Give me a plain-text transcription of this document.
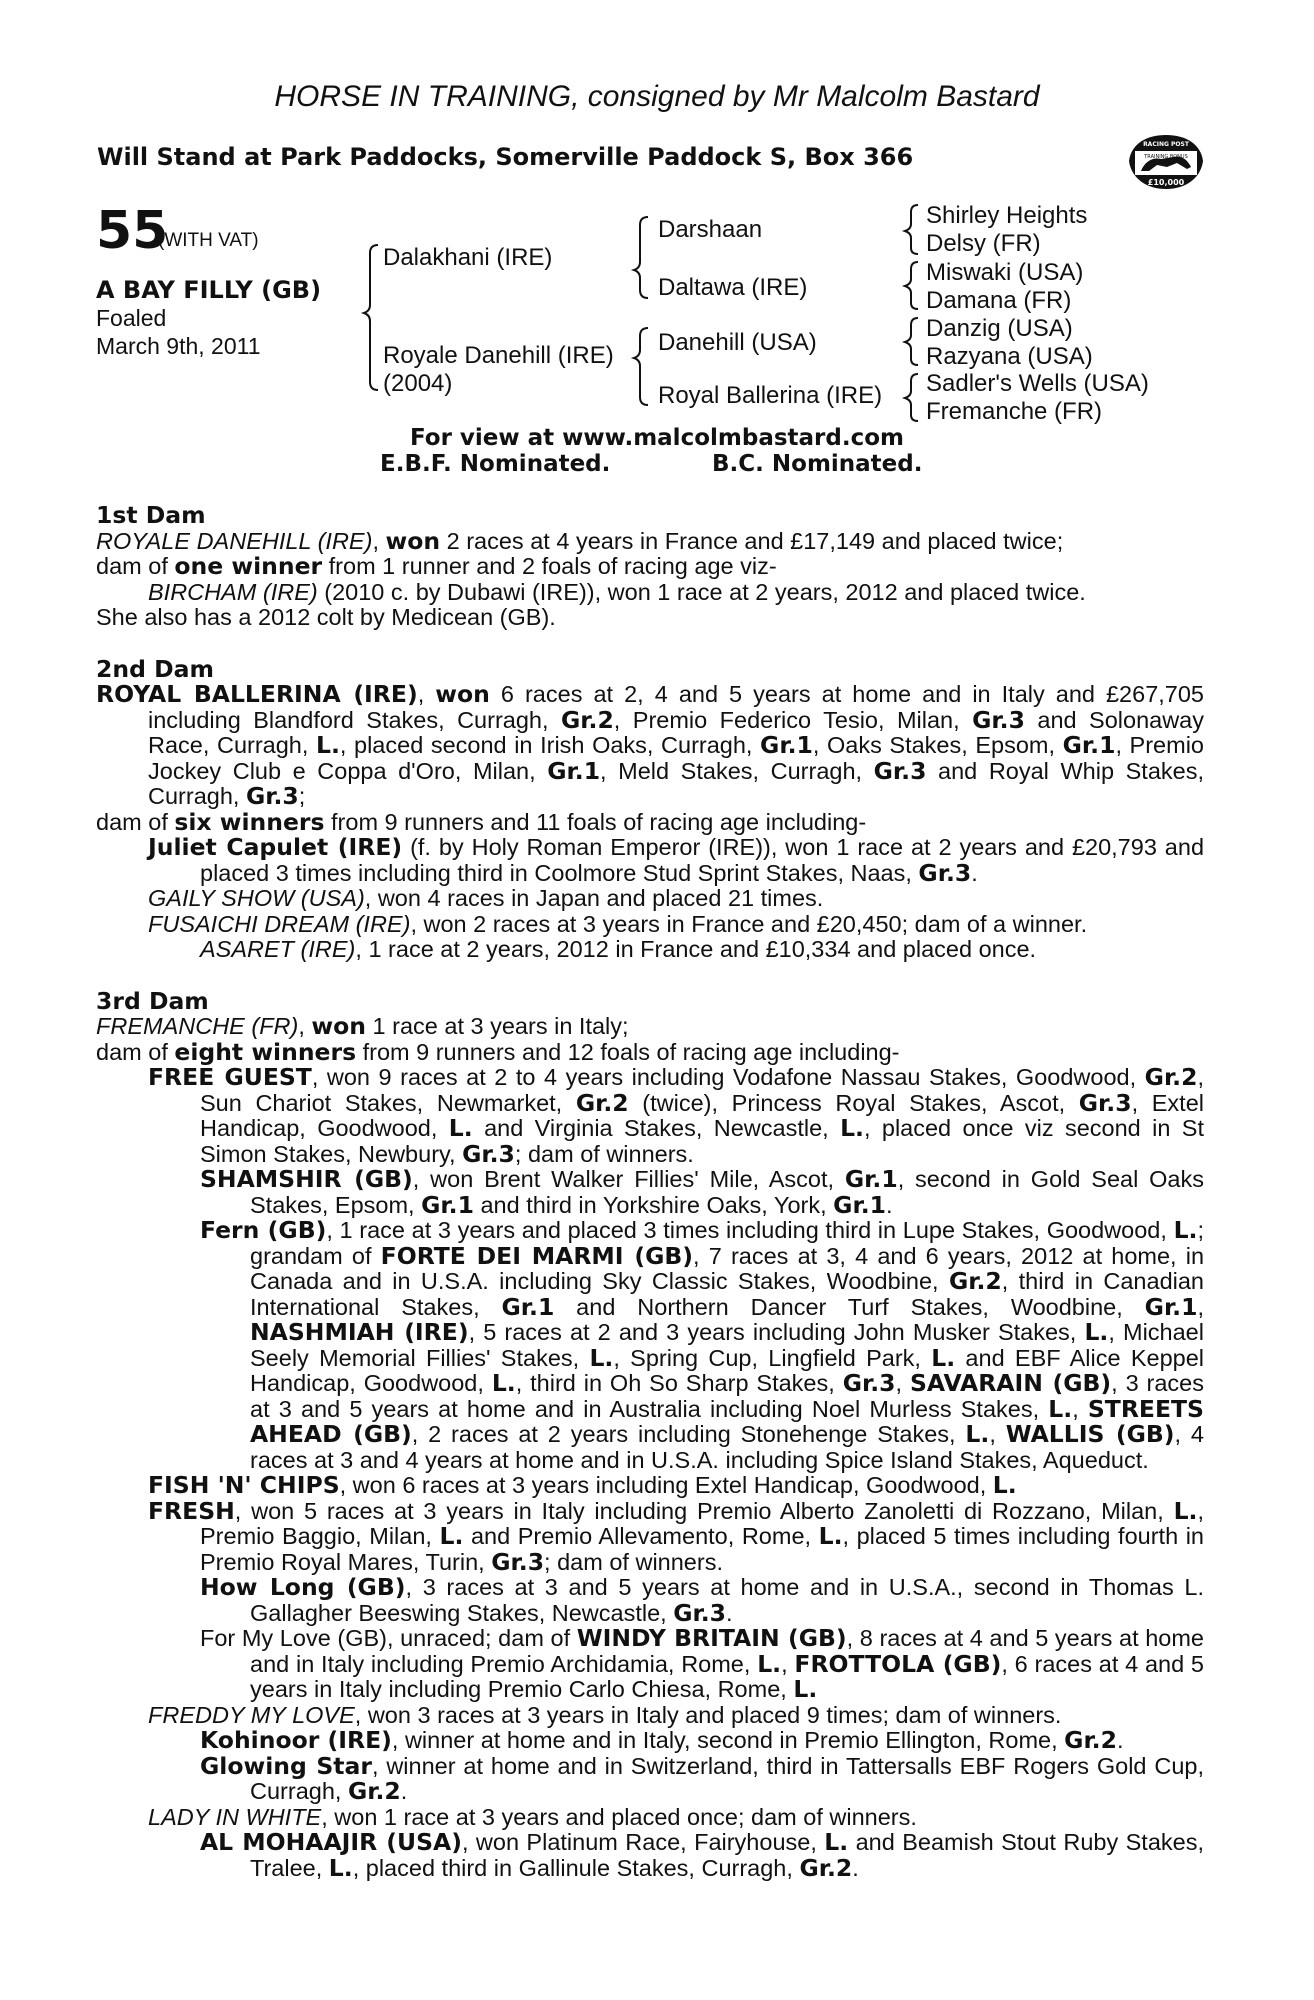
HORSE IN TRAINING, consigned by Mr Malcolm Bastard
Will Stand at Park Paddocks, Somerville Paddock S, Box 366	RACING POST
TRAINING BONUS
£10,000
55
(WITH VAT)
A BAY FILLY (GB)
Foaled
March 9th, 2011
Dalakhani (IRE)
Royale Danehill (IRE)
(2004)
Darshaan
Daltawa (IRE)
Danehill (USA)
Royal Ballerina (IRE)
Shirley Heights
Delsy (FR)
Miswaki (USA)
Damana (FR)
Danzig (USA)
Razyana (USA)
Sadler's Wells (USA)
Fremanche (FR)
For view at www.malcolmbastard.com
E.B.F. Nominated.	B.C. Nominated.
1st Dam
ROYALE DANEHILL (IRE), won 2 races at 4 years in France and £17,149 and placed twice;
dam of one winner from 1 runner and 2 foals of racing age viz-
BIRCHAM (IRE) (2010 c. by Dubawi (IRE)), won 1 race at 2 years, 2012 and placed twice.
She also has a 2012 colt by Medicean (GB).
2nd Dam
ROYAL BALLERINA (IRE), won 6 races at 2, 4 and 5 years at home and in Italy and £267,705 including Blandford Stakes, Curragh, Gr.2, Premio Federico Tesio, Milan, Gr.3 and Solonaway Race, Curragh, L., placed second in Irish Oaks, Curragh, Gr.1, Oaks Stakes, Epsom, Gr.1, Premio Jockey Club e Coppa d'Oro, Milan, Gr.1, Meld Stakes, Curragh, Gr.3 and Royal Whip Stakes, Curragh, Gr.3;
dam of six winners from 9 runners and 11 foals of racing age including-
Juliet Capulet (IRE) (f. by Holy Roman Emperor (IRE)), won 1 race at 2 years and £20,793 and placed 3 times including third in Coolmore Stud Sprint Stakes, Naas, Gr.3.
GAILY SHOW (USA), won 4 races in Japan and placed 21 times.
FUSAICHI DREAM (IRE), won 2 races at 3 years in France and £20,450; dam of a winner.
ASARET (IRE), 1 race at 2 years, 2012 in France and £10,334 and placed once.
3rd Dam
FREMANCHE (FR), won 1 race at 3 years in Italy;
dam of eight winners from 9 runners and 12 foals of racing age including-
FREE GUEST, won 9 races at 2 to 4 years including Vodafone Nassau Stakes, Goodwood, Gr.2, Sun Chariot Stakes, Newmarket, Gr.2 (twice), Princess Royal Stakes, Ascot, Gr.3, Extel Handicap, Goodwood, L. and Virginia Stakes, Newcastle, L., placed once viz second in St Simon Stakes, Newbury, Gr.3; dam of winners.
SHAMSHIR (GB), won Brent Walker Fillies' Mile, Ascot, Gr.1, second in Gold Seal Oaks Stakes, Epsom, Gr.1 and third in Yorkshire Oaks, York, Gr.1.
Fern (GB), 1 race at 3 years and placed 3 times including third in Lupe Stakes, Goodwood, L.; grandam of FORTE DEI MARMI (GB), 7 races at 3, 4 and 6 years, 2012 at home, in Canada and in U.S.A. including Sky Classic Stakes, Woodbine, Gr.2, third in Canadian International Stakes, Gr.1 and Northern Dancer Turf Stakes, Woodbine, Gr.1, NASHMIAH (IRE), 5 races at 2 and 3 years including John Musker Stakes, L., Michael Seely Memorial Fillies' Stakes, L., Spring Cup, Lingfield Park, L. and EBF Alice Keppel Handicap, Goodwood, L., third in Oh So Sharp Stakes, Gr.3, SAVARAIN (GB), 3 races at 3 and 5 years at home and in Australia including Noel Murless Stakes, L., STREETS AHEAD (GB), 2 races at 2 years including Stonehenge Stakes, L., WALLIS (GB), 4 races at 3 and 4 years at home and in U.S.A. including Spice Island Stakes, Aqueduct.
FISH 'N' CHIPS, won 6 races at 3 years including Extel Handicap, Goodwood, L.
FRESH, won 5 races at 3 years in Italy including Premio Alberto Zanoletti di Rozzano, Milan, L., Premio Baggio, Milan, L. and Premio Allevamento, Rome, L., placed 5 times including fourth in Premio Royal Mares, Turin, Gr.3; dam of winners.
How Long (GB), 3 races at 3 and 5 years at home and in U.S.A., second in Thomas L. Gallagher Beeswing Stakes, Newcastle, Gr.3.
For My Love (GB), unraced; dam of WINDY BRITAIN (GB), 8 races at 4 and 5 years at home and in Italy including Premio Archidamia, Rome, L., FROTTOLA (GB), 6 races at 4 and 5 years in Italy including Premio Carlo Chiesa, Rome, L.
FREDDY MY LOVE, won 3 races at 3 years in Italy and placed 9 times; dam of winners.
Kohinoor (IRE), winner at home and in Italy, second in Premio Ellington, Rome, Gr.2.
Glowing Star, winner at home and in Switzerland, third in Tattersalls EBF Rogers Gold Cup, Curragh, Gr.2.
LADY IN WHITE, won 1 race at 3 years and placed once; dam of winners.
AL MOHAAJIR (USA), won Platinum Race, Fairyhouse, L. and Beamish Stout Ruby Stakes, Tralee, L., placed third in Gallinule Stakes, Curragh, Gr.2.
